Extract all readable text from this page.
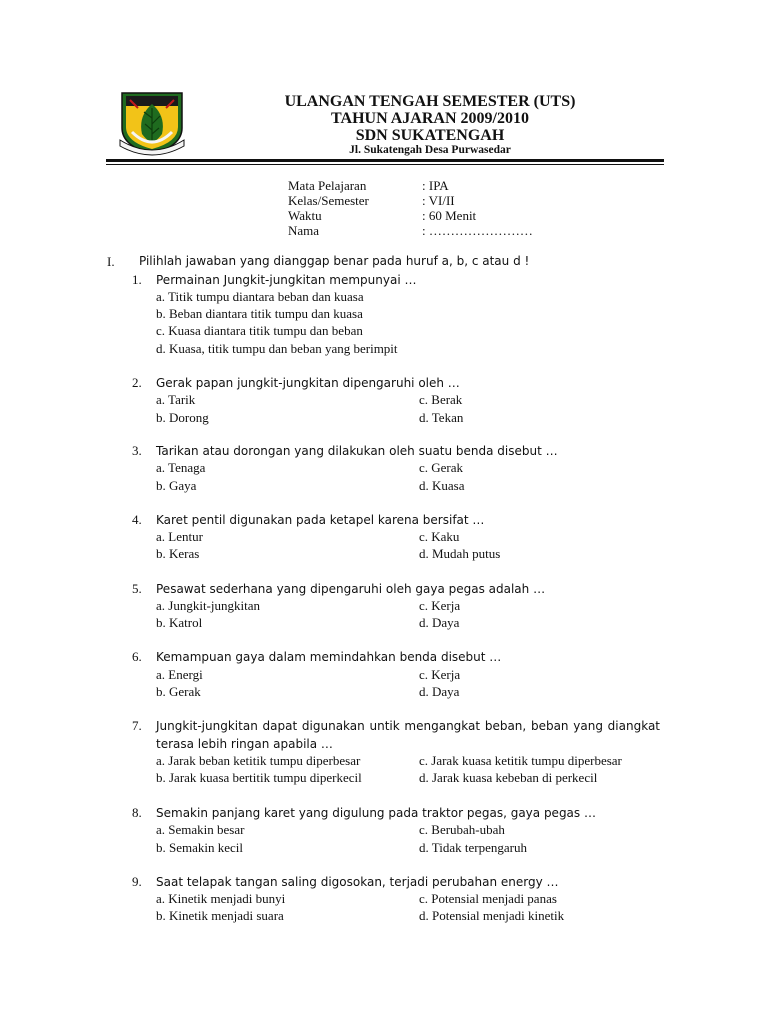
ULANGAN TENGAH SEMESTER (UTS)
TAHUN AJARAN 2009/2010
SDN SUKATENGAH
Jl. Sukatengah Desa Purwasedar
Mata Pelajaran	: IPA
Kelas/Semester	: VI/II
Waktu	: 60 Menit
Nama	: ……………………
I. Pilihlah jawaban yang dianggap benar pada huruf a, b, c atau d !
1. Permainan Jungkit-jungkitan mempunyai …
a. Titik tumpu diantara beban dan kuasa
b. Beban diantara titik tumpu dan kuasa
c. Kuasa diantara titik tumpu dan beban
d. Kuasa, titik tumpu dan beban yang berimpit
2. Gerak papan jungkit-jungkitan dipengaruhi oleh …
a. Tarik	c. Berak
b. Dorong	d. Tekan
3. Tarikan atau dorongan yang dilakukan oleh suatu benda disebut …
a. Tenaga	c. Gerak
b. Gaya	d. Kuasa
4. Karet pentil digunakan pada ketapel karena bersifat …
a. Lentur	c. Kaku
b. Keras	d. Mudah putus
5. Pesawat sederhana yang dipengaruhi oleh gaya pegas adalah …
a. Jungkit-jungkitan	c. Kerja
b. Katrol	d. Daya
6. Kemampuan gaya dalam memindahkan benda disebut …
a. Energi	c. Kerja
b. Gerak	d. Daya
7. Jungkit-jungkitan dapat digunakan untik mengangkat beban, beban yang diangkat
terasa lebih ringan apabila …
a. Jarak beban ketitik tumpu diperbesar	c. Jarak kuasa ketitik tumpu diperbesar
b. Jarak kuasa bertitik tumpu diperkecil	d. Jarak kuasa kebeban di perkecil
8. Semakin panjang karet yang digulung pada traktor pegas, gaya pegas …
a. Semakin besar	c. Berubah-ubah
b. Semakin kecil	d. Tidak terpengaruh
9. Saat telapak tangan saling digosokan, terjadi perubahan energy …
a. Kinetik menjadi bunyi	c. Potensial menjadi panas
b. Kinetik menjadi suara	d. Potensial menjadi kinetik
